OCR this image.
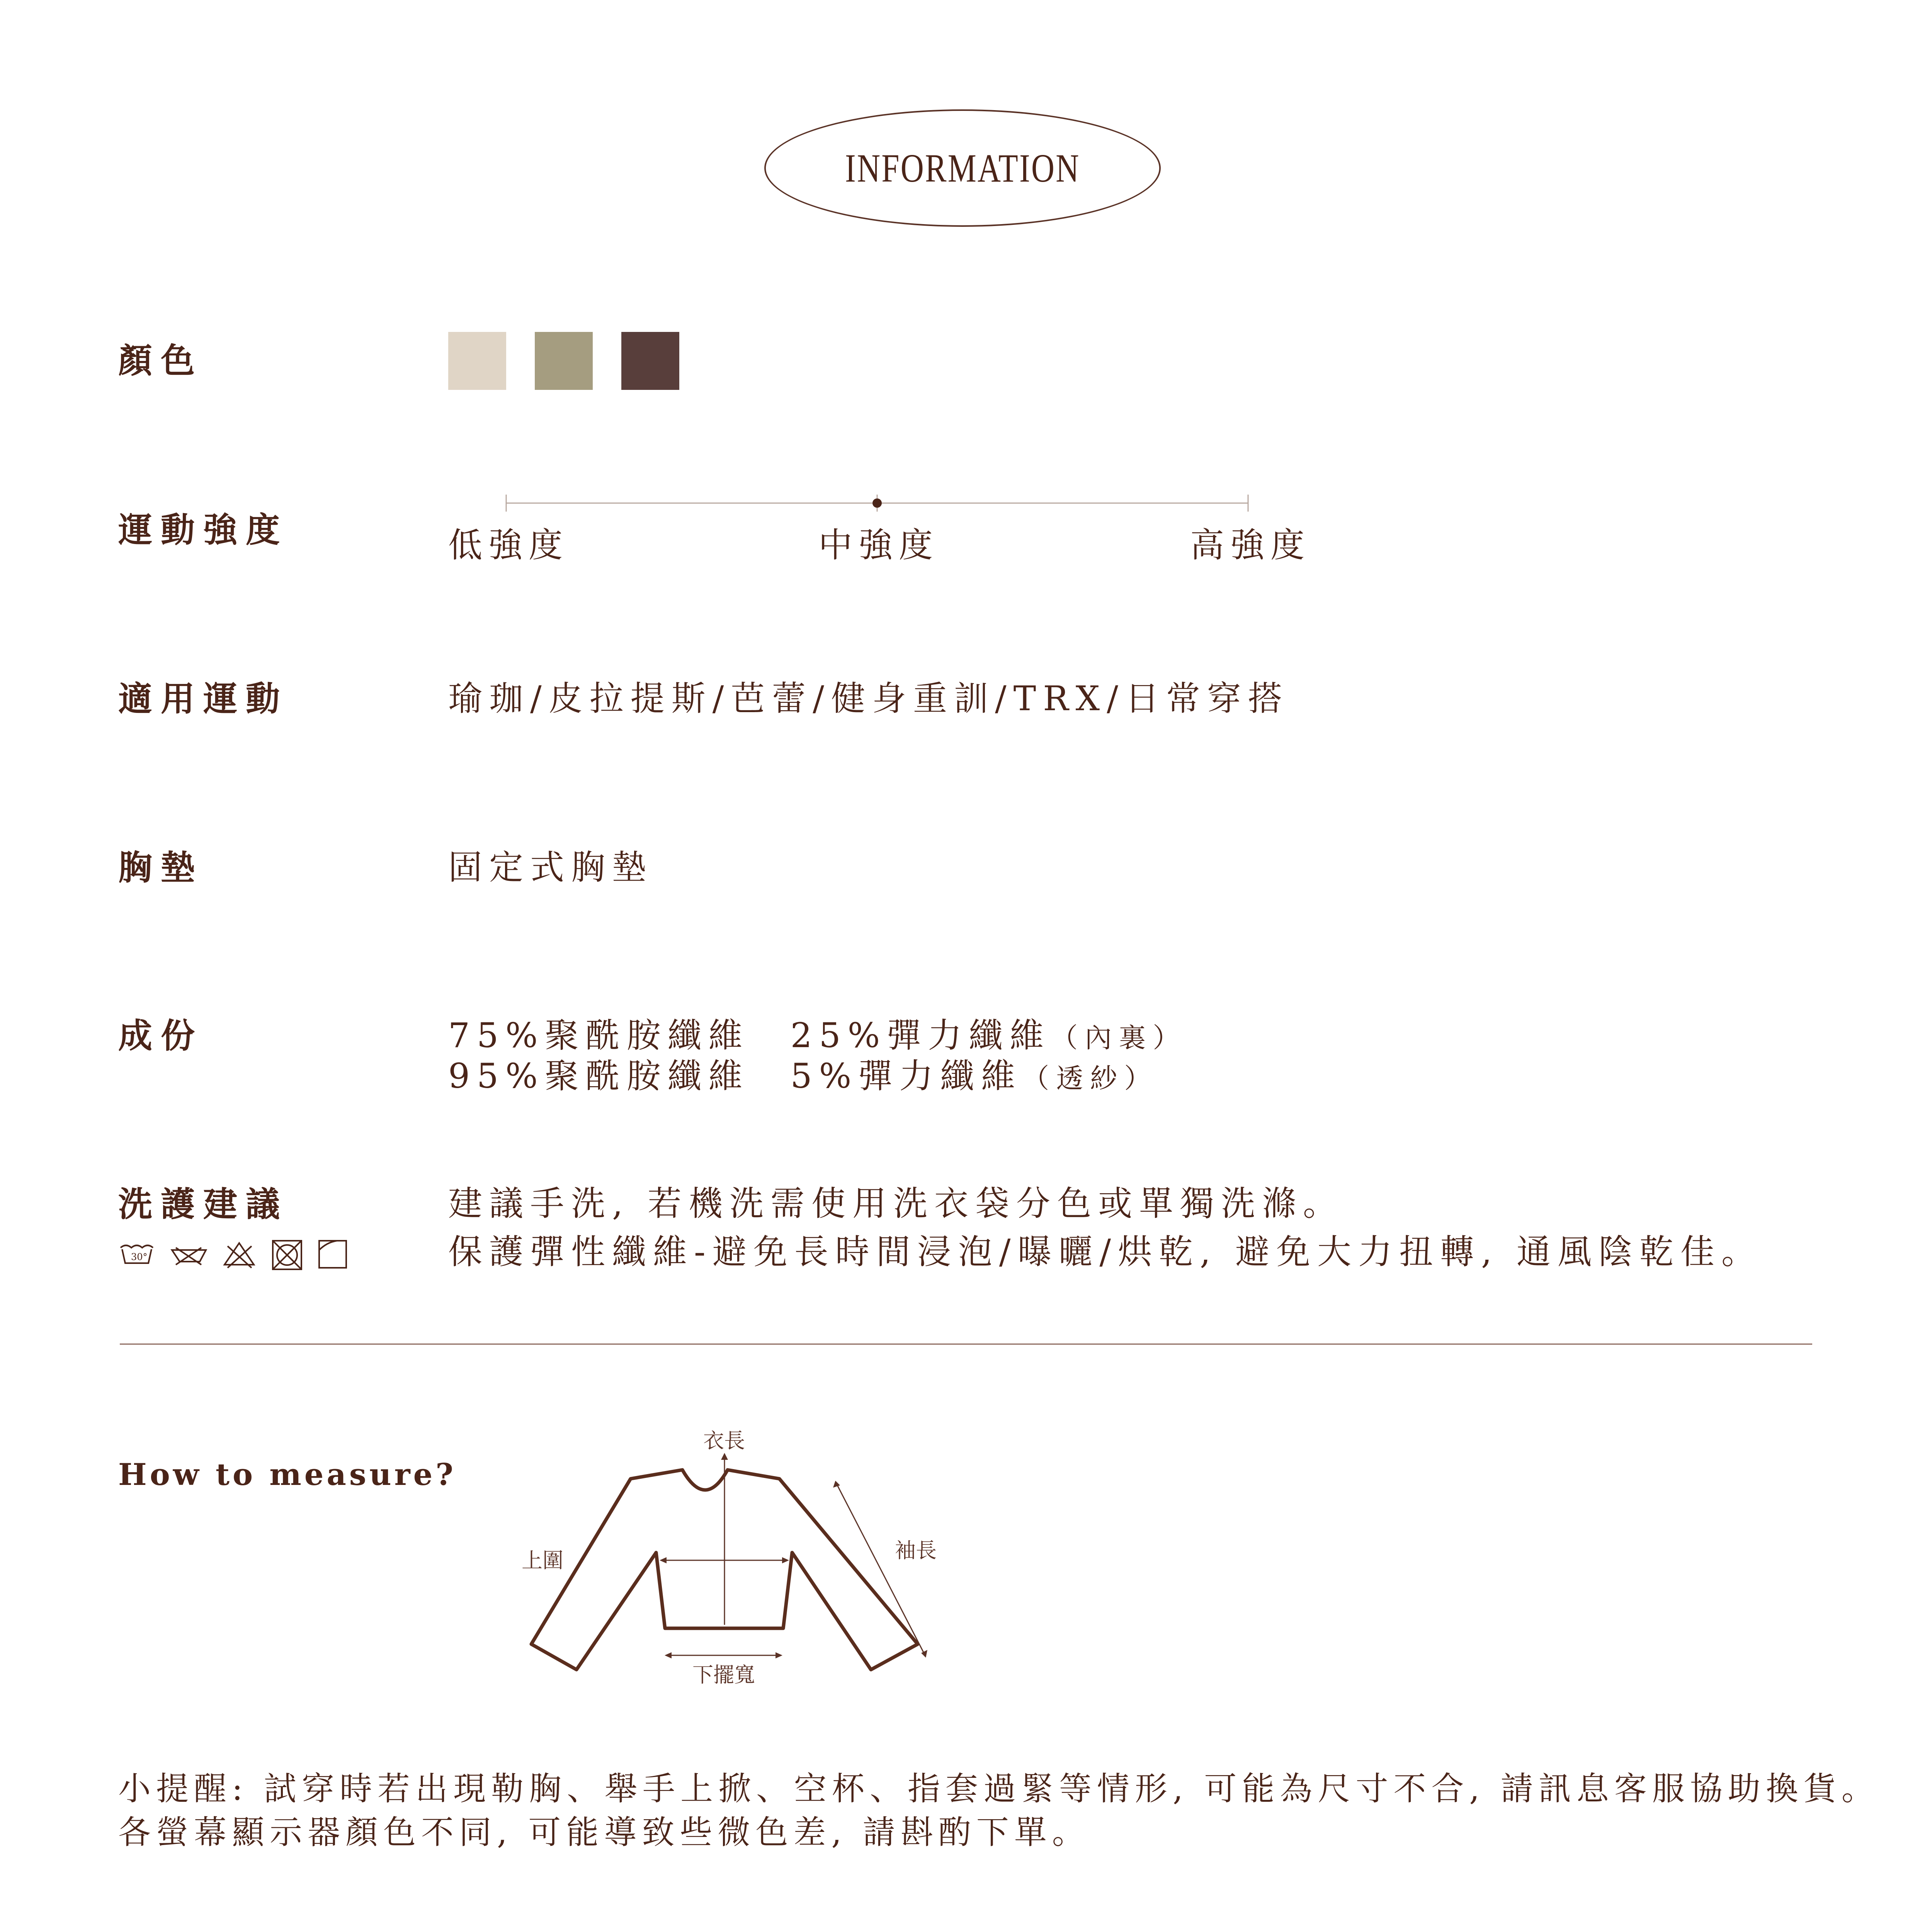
INFORMATION
顏色
運動強度	低強度	中強度	高強度
適用運動	瑜珈/皮拉提斯/芭蕾/健身重訓/TRX/日常穿搭
胸墊	固定式胸墊
成份	75%聚酰胺纖維　25%彈力纖維（內裏）
95%聚酰胺纖維　5%彈力纖維（透紗）
洗護建議
30°
建議手洗, 若機洗需使用洗衣袋分色或單獨洗滌。
保護彈性纖維-避免長時間浸泡/曝曬/烘乾, 避免大力扭轉, 通風陰乾佳。
How to measure?
衣長
上圍	袖長
下擺寬
小提醒: 試穿時若出現勒胸、舉手上掀、空杯、指套過緊等情形, 可能為尺寸不合, 請訊息客服協助換貨。
各螢幕顯示器顏色不同, 可能導致些微色差, 請斟酌下單。
